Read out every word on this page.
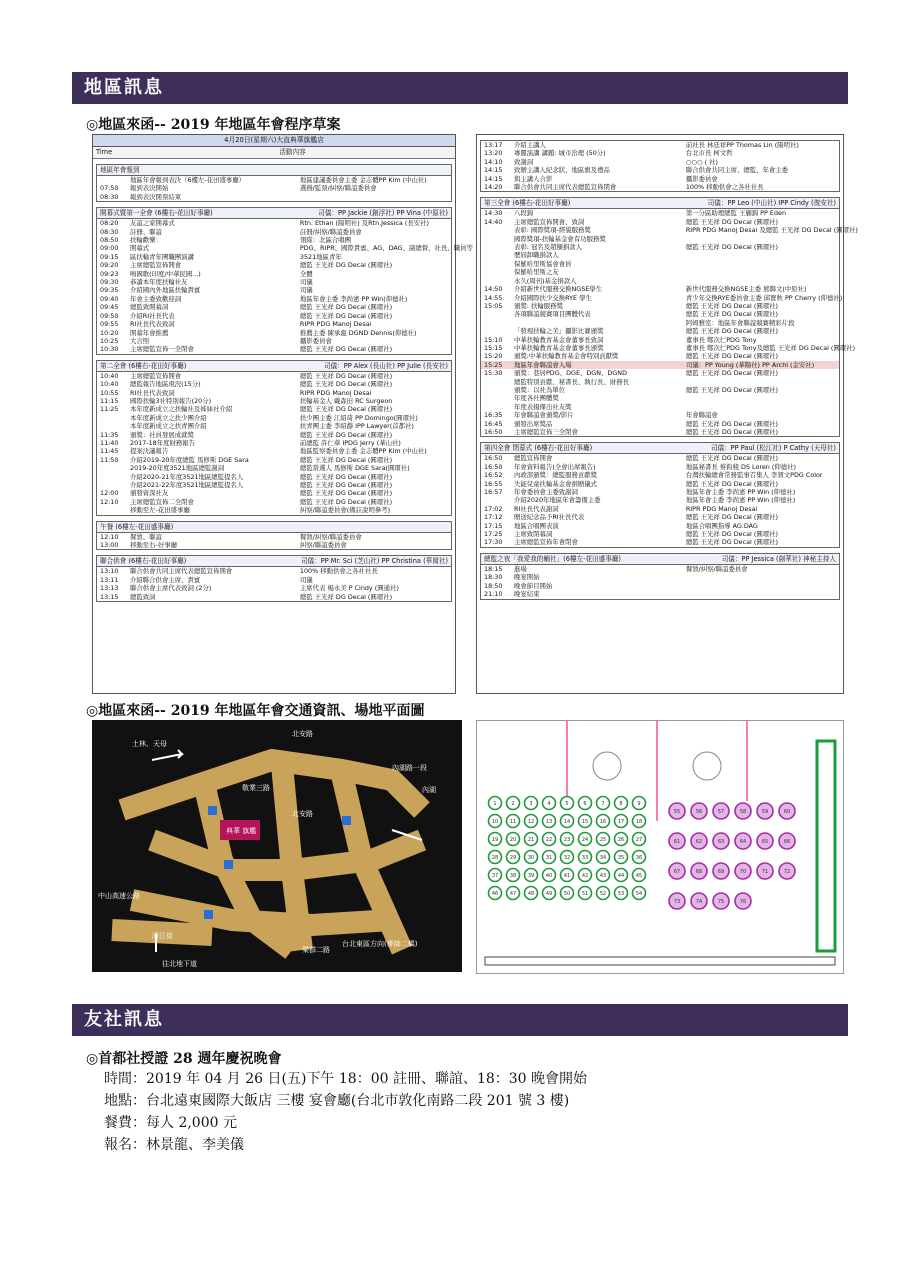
地區訊息
◎地區來函-- 2019 年地區年會程序草案
4月20日(星期六)大直典華旗艦店
Time	活動內容
地區年會報到
地區年會報到表決（6樓左-花田盛事廳）	地區建議委員會主委 金志體PP Kim (中山社)
07:50	報到表決開始	選務/監票/糾察/聯誼委員會
08:30	報到表決開票結束
開幕式暨第一全會 (6樓右-花田好事廳)	司儀：PP Jackie (創浮社) PP Vina (中原社)
08:20	友誼之家開幕式	Rtn. Ethan (陽明社) 及Rtn.Jessica (長安社)
08:30	註冊、聯誼	註冊/糾察/聯誼委員會
08:50	扶輪歡樂：	領隊：北區合唱團
09:00	開幕式	PDG、RIPR、國際貴賓、AG、DAG、副總督、社長、職員等
09:15	區扶輪青年團職團演講	3521地區青年
09:20	主席總監宣佈開會	總監 王光祥 DG Decal (圓環社)
09:23	鳴國歌(印度/中華民國...)	全體
09:30	恭讀本年度扶輪社友	司儀
09:35	介紹國內外地區扶輪貴賓	司儀
09:40	年會主委致歡迎詞	地區年會主委 李尚憲 PP Win(仰德社)
09:45	總監致開幕詞	總監 王光祥 DG Decal (圓環社)
09:50	介紹RI社長代表	總監 王光祥 DG Decal (圓環社)
09:55	RI社長代表致詞	RIPR PDG Manoj Desai
10:20	開幕年會推薦	推薦主委 陳承龍 DGND Dennis(仰德社)
10:25	大合照	攝影委員會
10:30	主席總監宣佈一全閉會	總監 王光祥 DG Decal (圓環社)
第二全會 (6樓右-花田好事廳)	司儀：PP Alex (長山社) PP Julie (長安社)
10:40	主席總監宣佈開會	總監 王光祥 DG Decal (圓環社)
10:40	總監報告地區現況(15分)	總監 王光祥 DG Decal (圓環社)
10:55	RI社長代表致詞	RIPR PDG Manoj Desai
11:15	國際扶輪3社特別報告(20分)	扶輪基金人 戴森田 RC Surgeon
11:25	本年度新成立之扶輪社及姊妹社介紹	總監 王光祥 DG Decal (圓環社)
本年度新成立之扶少團介紹	扶少團主委 江紹琦 PP Domingo(圓環社)
本年度新成立之扶青團介紹	扶青團主委 李紹靜 IPP Lawyer(首都社)
11:35	頒獎：社員發展成就獎	總監 王光祥 DG Decal (圓環社)
11:40	2017-18年度財務報告	前總監 許仁華 IPDG Jerry (華山社)
11:45	提案決議報告	地區監察委員會主委 金志體PP Kim (中山社)
11:50	介紹2019-20年度總監 馬修斯 DGE Sara	總監 王光祥 DG Decal (圓環社)
2019-20年度3521地區總監謝詞	總監當選人 馬修斯 DGE Sara(圓環社)
介紹2020-21年度3521地區總監提名人	總監 王光祥 DG Decal (圓環社)
介紹2021-22年度3521地區總監提名人	總監 王光祥 DG Decal (圓環社)
12:00	頒發資深社友	總監 王光祥 DG Decal (圓環社)
12:10	主席總監宣佈二全閉會	總監 王光祥 DG Decal (圓環社)
移動至左-花田盛事廳	糾察/聯誼委員會(備註說明參考)
午餐 (6樓左-花田盛事廳)
12:10	餐敘、聯誼	餐敘/糾察/聯誼委員會
13:00	移動至右-好事廳	糾察/聯誼委員會
聯合供會 (6樓右-花田好事廳)	司儀：PP Mr. Sci (芝山社) PP Christina (華岡社)
13:10	聯合供會共同主席代表總監宣佈開會	100% 移動供會之各社社長
13:11	介紹聯合供會主席、貴賓	司儀
13:13	聯合供會主席代表致詞 (2分)	主席代表 楊永美 P Cindy (圓通社)
13:15	總監致詞	總監 王光祥 DG Decal (圓環社)
13:17	介紹主講人	前社長 林廷祥PP Thomas Lin (陽明社)
13:20	專題演講 講題: 城市治理 (50分)	台北市長 柯文哲
14:10	致謝詞	○○○ ( 社)
14:15	致贈主講人紀念狀、地區旗及禮品	聯合供會共同主席、總監、年會主委
14:15	與主講人合影	攝影委員會
14:20	聯合供會共同主席代表總監宣佈閉會	100% 移動供會之各社社長
第三全會 (6樓右-花田好事廳)	司儀：PP Leo (中山社) IPP Cindy (復安社)
14:30	八段錦	第一分區助理總監 王蒯錦 PP Eden
14:40	主席總監宣佈開會、致詞	總監 王光祥 DG Decal (圓環社)
表彰: 國際獎項-經貌服務獎	RIPR PDG Manoj Desai 及總監 王光祥 DG Decal (圓環社)
國際獎項-扶輪基金會有功服務獎
表彰: 冠名及超額捐款人	總監 王光祥 DG Decal (圓環社)
歷屆卸職捐款人
保羅哈里斯協會會員
保羅哈里斯之友
永久(周刊)基金捐款人
14:50	介紹新世代服務交換NGSE學生	新世代服務交換NGSE主委 熊聯文(中原社)
14:55	介紹國際扶少交換RYE 學生	青少年交換RYE委員會主委 邱寶秋 PP Cherry (仰德社)
15:05	頒獎: 扶輪服務獎	總監 王光祥 DG Decal (圓環社)
各項聯誼競賽項目團體代表	總監 王光祥 DG Decal (圓環社)
阿姆雅室：地區年會聯誼競賽精彩片段
「發現扶輪之美」攝影比賽頒獎	總監 王光祥 DG Decal (圓環社)
15:10	中華扶輪教育基金會董事長致詞	董事長 鄭次仁PDG Tony
15:15	中華扶輪教育基金會董事長頒獎	董事長 鄭次仁PDG Tony及總監 王光祥 DG Decal (圓環社)
15:20	頒獎:中華扶輪教育基金會特別貢獻獎	總監 王光祥 DG Decal (圓環社)
15:25	地區年會聯誼會入場	司儀：PP Young (華陽社) PP Archi (金安社)
15:30	頒獎：巷居PDG、DGE、DGN、DGND	總監 王光祥 DG Decal (圓環社)
總監特別貢獻、秘書長、執行長、財務長
頒獎：以社為單位	總監 王光祥 DG Decal (圓環社)
年度各社團體獎
年度表揚傑出社友獎
16:35	年會聯誼會頒獎/影片	年會聯誼會
16:45	頒發出席獎品	總監 王光祥 DG Decal (圓環社)
16:50	主席總監宣佈三全閉會	總監 王光祥 DG Decal (圓環社)
第四全會 閉幕式 (6樓右-花田好事廳)	司儀：PP Paul (松江社) P Cathy (天母社)
16:50	總監宣佈開會	總監 王光祥 DG Decal (圓環社)
16:50	年會資料報告(全會出席報告)	地區秘書長 蔡鈞稜 DS Loren (仰德社)
16:52	內政部頒獎：總監服務貢獻獎	台灣扶輪總會常務監事召集人 李賀文PDG Color
16:55	失能兒童扶輪基金會捐贈儀式	總監 王光祥 DG Decal (圓環社)
16:57	年會委員會主委致謝詞	地區年會主委 李尚憲 PP Win (仰德社)
介紹2020年地區年會籌備主委	地區年會主委 李尚憲 PP Win (仰德社)
17:02	RI社長代表謝詞	RIPR PDG Manoj Desai
17:12	贈送紀念品予RI社長代表	總監 王光祥 DG Decal (圓環社)
17:15	地區合唱團表演	地區合唱團指導 AG.DAG
17:25	主席致閉幕詞	總監 王光祥 DG Decal (圓環社)
17:30	主席總監宣佈年會閉會	總監 王光祥 DG Decal (圓環社)
總監之夜「我愛我的輔社」(6樓左-花田盛事廳)	司儀：PP Jessica (創華社) 神秘主持人
18:15	進場	餐敘/糾察/聯誼委員會
18:30	晚宴開始
18:50	晚會節目開始
21:10	晚宴結束
◎地區來函-- 2019 年地區年會交通資訊、場地平面圖
土林、天母
北安路
北安路
內湖
內湖路一段
敬業三路
樂群二路
中山高速公路
濱江街
台北東區方向(麥帥二橋)
往北地下道
典華 旗艦
1	2	3	4	5	6	7	8	9
10 11 12 13 14 15 16 17 18
19 20 21 22 23 24 25 26 27
28 29 30 31 32 33 34 35 36
37 38 39 40 41 42 43 44 45
46 47 48 49 50 51 52 53 54
55	56	57	58	59	60
61	62	63	64	65	66
67	68	69	70	71	72
73	74	75	76
友社訊息
◎首都社授證 28 週年慶祝晚會
時間：2019 年 04 月 26 日(五)下午 18：00 註冊、聯誼、18：30 晚會開始
地點：台北遠東國際大飯店 三樓 宴會廳(台北市敦化南路二段 201 號 3 樓)
餐費：每人 2,000 元
報名：林景龍、李美儀
